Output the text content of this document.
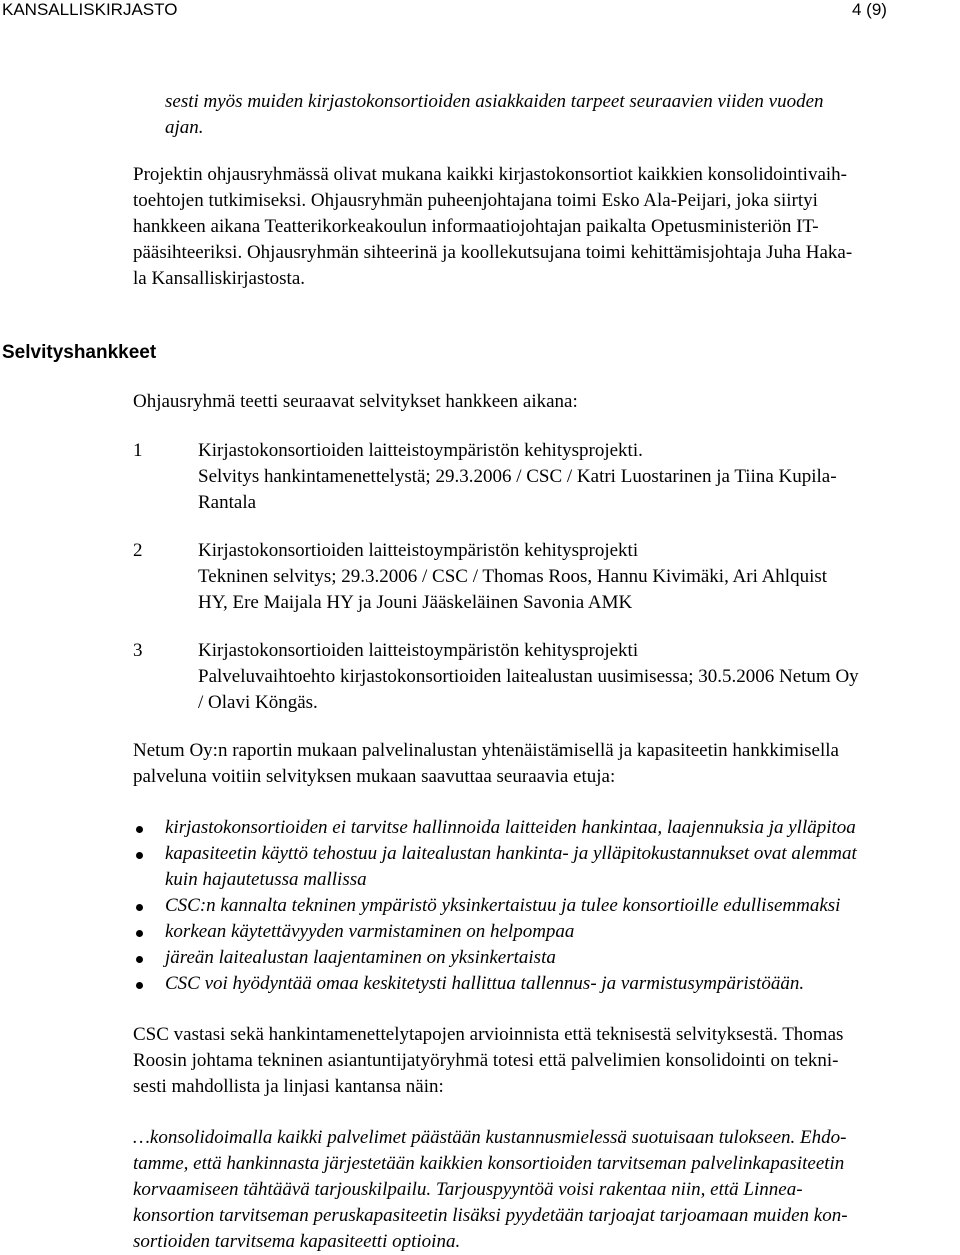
KANSALLISKIRJASTO	4 (9)
sesti myös muiden kirjastokonsortioiden asiakkaiden tarpeet seuraavien viiden vuoden
ajan.
Projektin ohjausryhmässä olivat mukana kaikki kirjastokonsortiot kaikkien konsolidointivaih-
toehtojen tutkimiseksi. Ohjausryhmän puheenjohtajana toimi Esko Ala-Peijari, joka siirtyi
hankkeen aikana Teatterikorkeakoulun informaatiojohtajan paikalta Opetusministeriön IT-
pääsihteeriksi. Ohjausryhmän sihteerinä ja koollekutsujana toimi kehittämisjohtaja Juha Haka-
la Kansalliskirjastosta.
Selvityshankkeet
Ohjausryhmä teetti seuraavat selvitykset hankkeen aikana:
1	Kirjastokonsortioiden laitteistoympäristön kehitysprojekti.
Selvitys hankintamenettelystä; 29.3.2006 / CSC / Katri Luostarinen ja Tiina Kupila-
Rantala
2	Kirjastokonsortioiden laitteistoympäristön kehitysprojekti
Tekninen selvitys; 29.3.2006 / CSC / Thomas Roos, Hannu Kivimäki, Ari Ahlquist
HY, Ere Maijala HY ja Jouni Jääskeläinen Savonia AMK
3	Kirjastokonsortioiden laitteistoympäristön kehitysprojekti
Palveluvaihtoehto kirjastokonsortioiden laitealustan uusimisessa; 30.5.2006 Netum Oy
/ Olavi Köngäs.
Netum Oy:n raportin mukaan palvelinalustan yhtenäistämisellä ja kapasiteetin hankkimisella
palveluna voitiin selvityksen mukaan saavuttaa seuraavia etuja:
kirjastokonsortioiden ei tarvitse hallinnoida laitteiden hankintaa, laajennuksia ja ylläpitoa
kapasiteetin käyttö tehostuu ja laitealustan hankinta- ja ylläpitokustannukset ovat alemmat
kuin hajautetussa mallissa
CSC:n kannalta tekninen ympäristö yksinkertaistuu ja tulee konsortioille edullisemmaksi
korkean käytettävyyden varmistaminen on helpompaa
järeän laitealustan laajentaminen on yksinkertaista
CSC voi hyödyntää omaa keskitetysti hallittua tallennus- ja varmistusympäristöään.
CSC vastasi sekä hankintamenettelytapojen arvioinnista että teknisestä selvityksestä. Thomas
Roosin johtama tekninen asiantuntijatyöryhmä totesi että palvelimien konsolidointi on tekni-
sesti mahdollista ja linjasi kantansa näin:
…konsolidoimalla kaikki palvelimet päästään kustannusmielessä suotuisaan tulokseen. Ehdo-
tamme, että hankinnasta järjestetään kaikkien konsortioiden tarvitseman palvelinkapasiteetin
korvaamiseen tähtäävä tarjouskilpailu. Tarjouspyyntöä voisi rakentaa niin, että Linnea-
konsortion tarvitseman peruskapasiteetin lisäksi pyydetään tarjoajat tarjoamaan muiden kon-
sortioiden tarvitsema kapasiteetti optioina.
